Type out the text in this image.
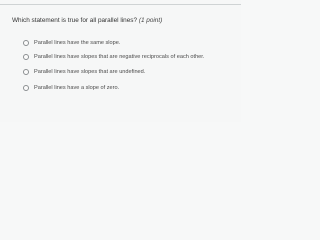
Which statement is true for all parallel lines? (1 point)
Parallel lines have the same slope.
Parallel lines have slopes that are negative reciprocals of each other.
Parallel lines have slopes that are undefined.
Parallel lines have a slope of zero.
